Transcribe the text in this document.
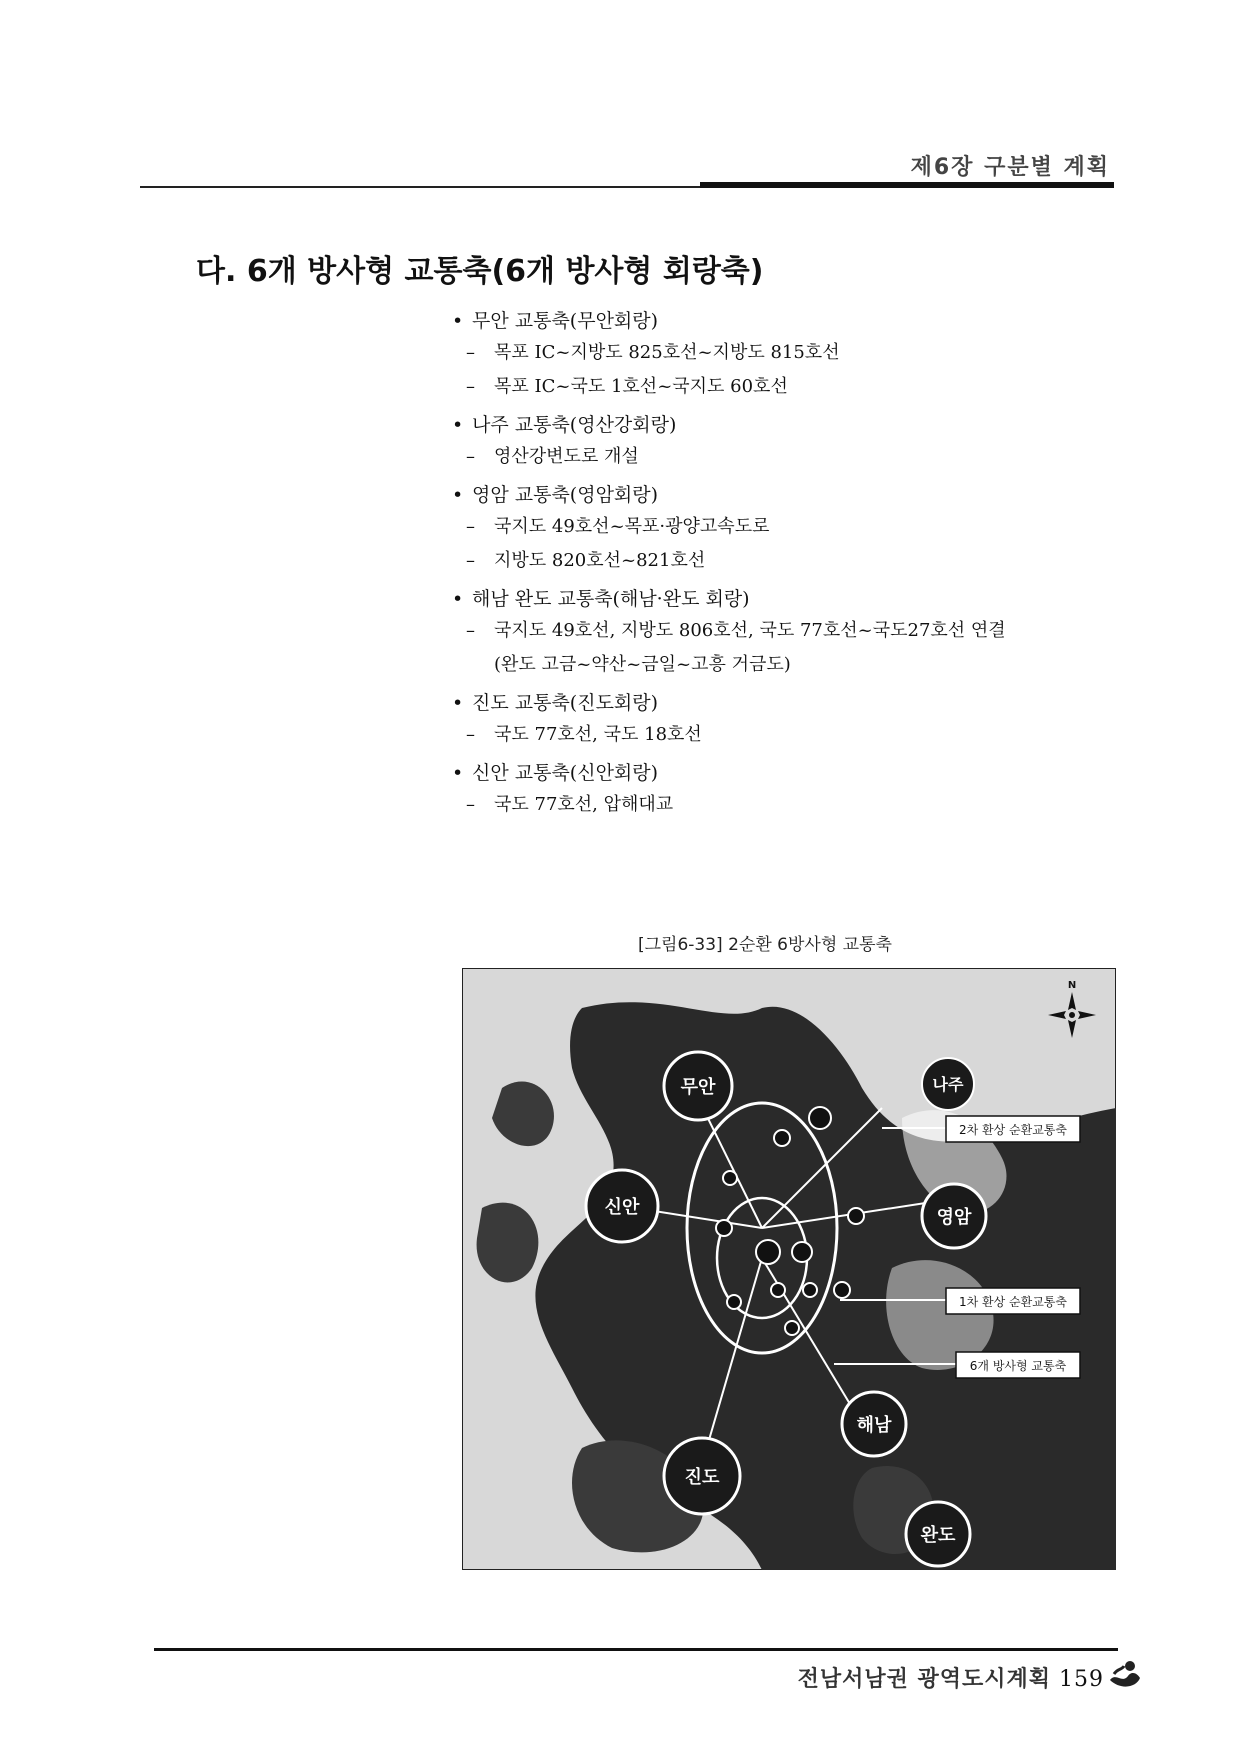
제6장 구분별 계획
다. 6개 방사형 교통축(6개 방사형 회랑축)
• 무안 교통축(무안회랑)
– 목포 IC~지방도 825호선~지방도 815호선
– 목포 IC~국도 1호선~국지도 60호선
• 나주 교통축(영산강회랑)
– 영산강변도로 개설
• 영암 교통축(영암회랑)
– 국지도 49호선~목포·광양고속도로
– 지방도 820호선~821호선
• 해남 완도 교통축(해남·완도 회랑)
– 국지도 49호선, 지방도 806호선, 국도 77호선~국도27호선 연결
(완도 고금~약산~금일~고흥 거금도)
• 진도 교통축(진도회랑)
– 국도 77호선, 국도 18호선
• 신안 교통축(신안회랑)
– 국도 77호선, 압해대교
[그림6-33] 2순환 6방사형 교통축
무안	나주
신안	영암
진도
해남
완도
N
2차 환상 순환교통축
1차 환상 순환교통축
6개 방사형 교통축
전남서남권 광역도시계획 159
